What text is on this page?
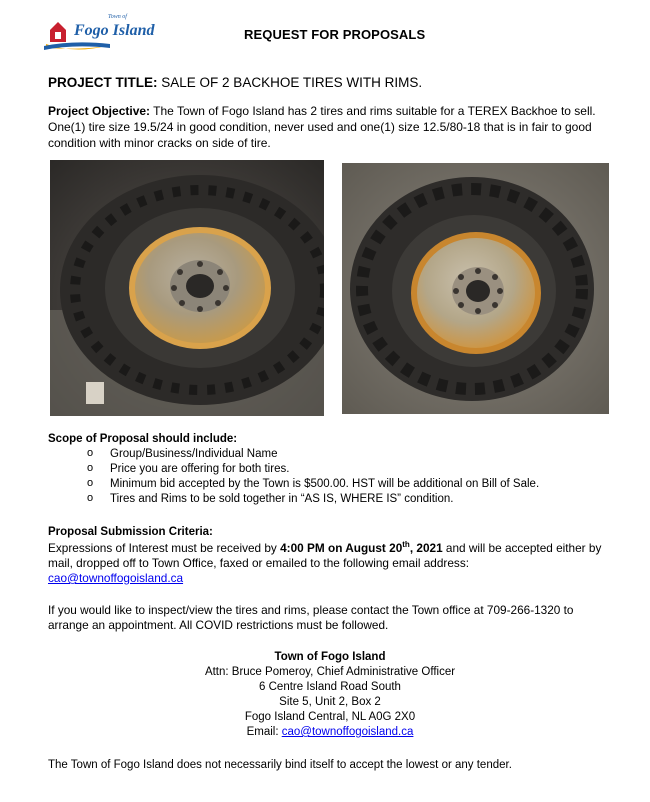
Town of
Fogo Island	REQUEST FOR PROPOSALS
PROJECT TITLE: SALE OF 2 BACKHOE TIRES WITH RIMS.
Project Objective: The Town of Fogo Island has 2 tires and rims suitable for a TEREX Backhoe to sell. One(1) tire size 19.5/24 in good condition, never used and one(1) size 12.5/80-18 that is in fair to good condition with minor cracks on side of tire.
Scope of Proposal should include:
o Group/Business/Individual Name
o Price you are offering for both tires.
o Minimum bid accepted by the Town is $500.00. HST will be additional on Bill of Sale.
o Tires and Rims to be sold together in “AS IS, WHERE IS” condition.
Proposal Submission Criteria:
Expressions of Interest must be received by 4:00 PM on August 20th, 2021 and will be accepted either by mail, dropped off to Town Office, faxed or emailed to the following email address:
cao@townoffogoisland.ca
If you would like to inspect/view the tires and rims, please contact the Town office at 709-266-1320 to arrange an appointment. All COVID restrictions must be followed.
Town of Fogo Island
Attn: Bruce Pomeroy, Chief Administrative Officer
6 Centre Island Road South
Site 5, Unit 2, Box 2
Fogo Island Central, NL A0G 2X0
Email: cao@townoffogoisland.ca
The Town of Fogo Island does not necessarily bind itself to accept the lowest or any tender.
